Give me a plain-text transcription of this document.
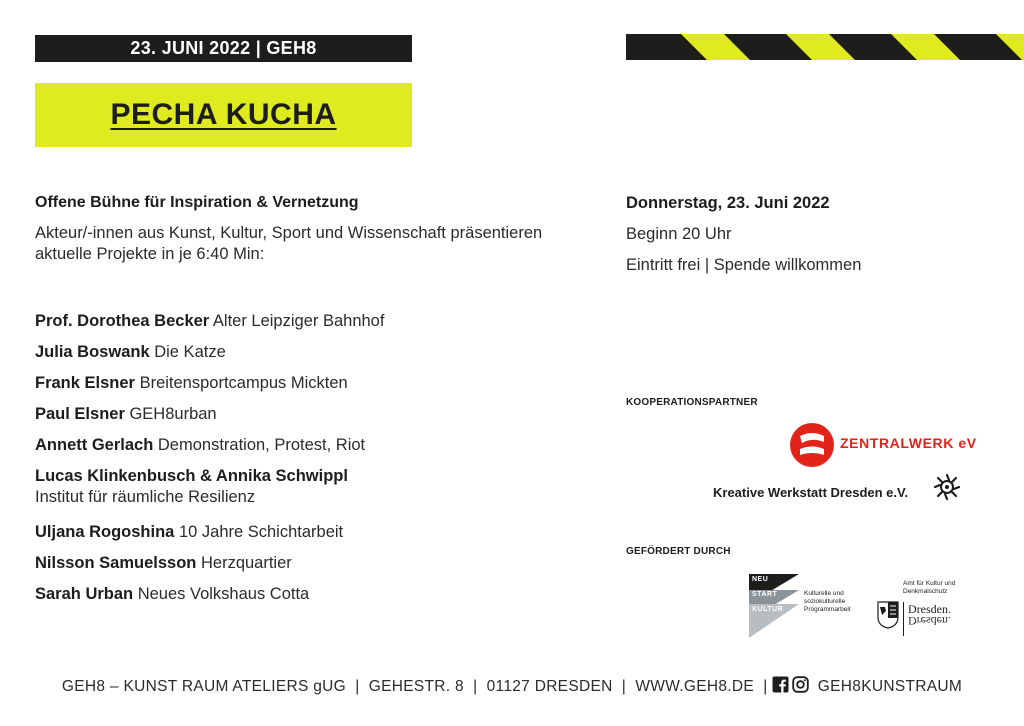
23. JUNI 2022 | GEH8
PECHA KUCHA
Offene Bühne für Inspiration & Vernetzung
Akteur/-innen aus Kunst, Kultur, Sport und Wissenschaft präsentieren aktuelle Projekte in je 6:40 Min:
Prof. Dorothea Becker Alter Leipziger Bahnhof
Julia Boswank Die Katze
Frank Elsner Breitensportcampus Mickten
Paul Elsner GEH8urban
Annett Gerlach Demonstration, Protest, Riot
Lucas Klinkenbusch & Annika Schwippl
Institut für räumliche Resilienz
Uljana Rogoshina 10 Jahre Schichtarbeit
Nilsson Samuelsson Herzquartier
Sarah Urban Neues Volkshaus Cotta
Donnerstag, 23. Juni 2022
Beginn 20 Uhr
Eintritt frei | Spende willkommen
KOOPERATIONSPARTNER
ZENTRALWERK eV
Kreative Werkstatt Dresden e.V.
GEFÖRDERT DURCH
NEU
START
KULTUR
Kulturelle und
soziokulturelle
Programmarbeit
Amt für Kultur und
Denkmalschutz
Dresden.
Dresden.
GEH8 – KUNST RAUM ATELIERS gUG  |  GEHESTR. 8  |  01127 DRESDEN  |  WWW.GEH8.DE  |	GEH8KUNSTRAUM
